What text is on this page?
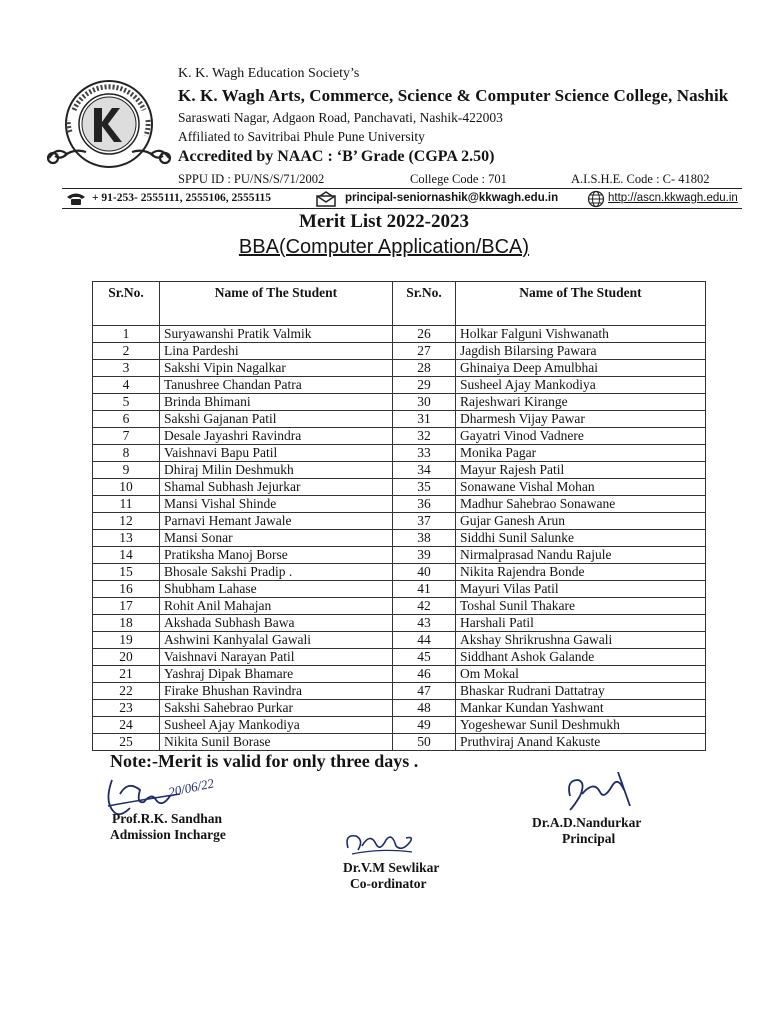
K. K. Wagh Education Society’s
K. K. Wagh Arts, Commerce, Science & Computer Science College, Nashik
Saraswati Nagar, Adgaon Road, Panchavati, Nashik-422003
Affiliated to Savitribai Phule Pune University
Accredited by NAAC : ‘B’ Grade (CGPA 2.50)
SPPU ID : PU/NS/S/71/2002	College Code : 701	A.I.S.H.E. Code : C- 41802
+ 91-253- 2555111, 2555106, 2555115	principal-seniornashik@kkwagh.edu.in	http://ascn.kkwagh.edu.in
Merit List 2022-2023
BBA(Computer Application/BCA)
Sr.No.	Name of The Student	Sr.No.	Name of The Student
1	Suryawanshi Pratik Valmik	26	Holkar Falguni Vishwanath
2	Lina Pardeshi	27	Jagdish Bilarsing Pawara
3	Sakshi Vipin Nagalkar	28	Ghinaiya Deep Amulbhai
4	Tanushree Chandan Patra	29	Susheel Ajay Mankodiya
5	Brinda Bhimani	30	Rajeshwari Kirange
6	Sakshi Gajanan Patil	31	Dharmesh Vijay Pawar
7	Desale Jayashri Ravindra	32	Gayatri Vinod Vadnere
8	Vaishnavi Bapu Patil	33	Monika Pagar
9	Dhiraj Milin Deshmukh	34	Mayur Rajesh Patil
10	Shamal Subhash Jejurkar	35	Sonawane Vishal Mohan
11	Mansi Vishal Shinde	36	Madhur Sahebrao Sonawane
12	Parnavi Hemant Jawale	37	Gujar Ganesh Arun
13	Mansi Sonar	38	Siddhi Sunil Salunke
14	Pratiksha Manoj Borse	39	Nirmalprasad Nandu Rajule
15	Bhosale Sakshi Pradip .	40	Nikita Rajendra Bonde
16	Shubham Lahase	41	Mayuri Vilas Patil
17	Rohit Anil Mahajan	42	Toshal Sunil Thakare
18	Akshada Subhash Bawa	43	Harshali Patil
19	Ashwini Kanhyalal Gawali	44	Akshay Shrikrushna Gawali
20	Vaishnavi Narayan Patil	45	Siddhant Ashok Galande
21	Yashraj Dipak Bhamare	46	Om Mokal
22	Firake Bhushan Ravindra	47	Bhaskar Rudrani Dattatray
23	Sakshi Sahebrao Purkar	48	Mankar Kundan Yashwant
24	Susheel Ajay Mankodiya	49	Yogeshewar Sunil Deshmukh
25	Nikita Sunil Borase	50	Pruthviraj Anand Kakuste
Note:-Merit is valid for only three days .
20/06/22
Prof.R.K. Sandhan
Admission Incharge
Dr.A.D.Nandurkar
Principal
Dr.V.M Sewlikar
Co-ordinator
